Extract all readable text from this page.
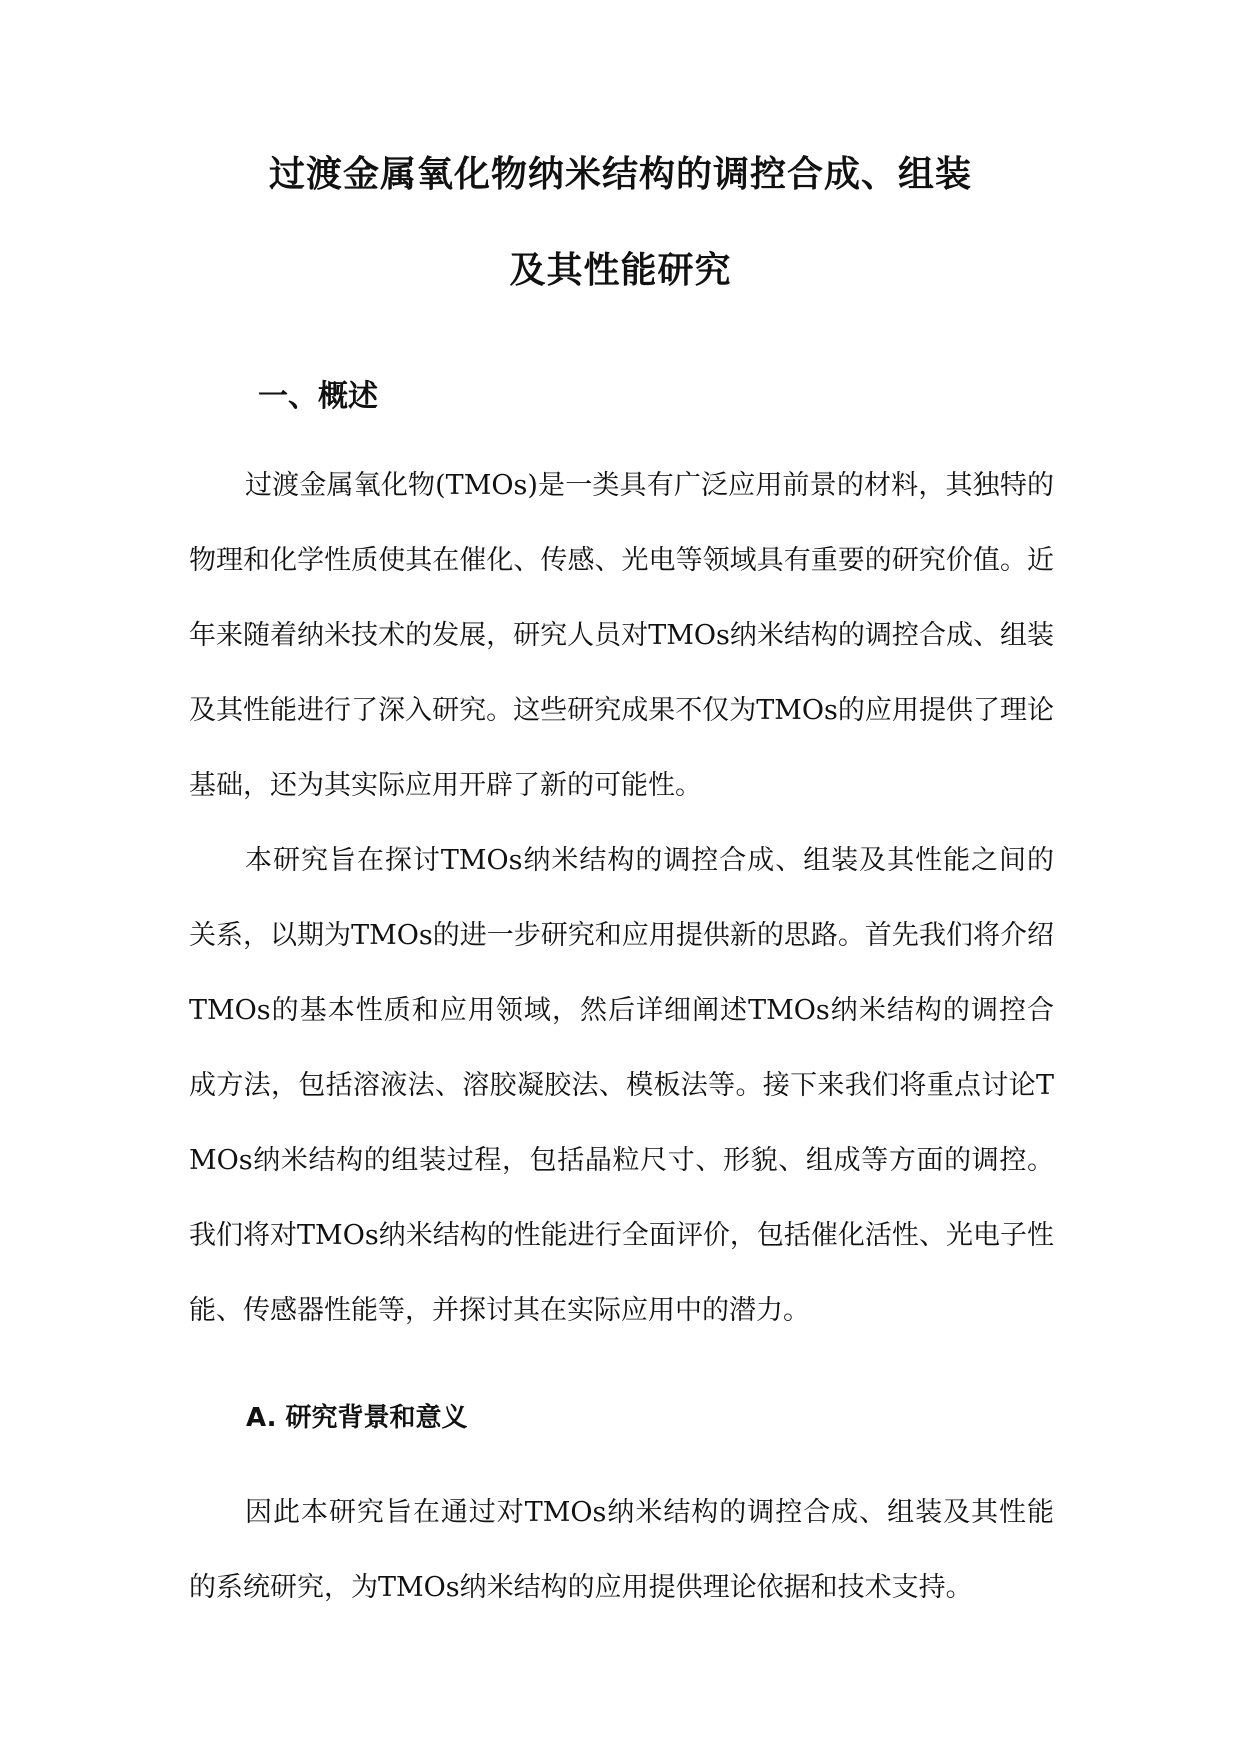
过渡金属氧化物纳米结构的调控合成、组装
及其性能研究
一、概述

过渡金属氧化物(TMOs)是一类具有广泛应用前景的材料，其独特的物理和化学性质使其在催化、传感、光电等领域具有重要的研究价值。近年来随着纳米技术的发展，研究人员对TMOs纳米结构的调控合成、组装及其性能进行了深入研究。这些研究成果不仅为TMOs的应用提供了理论基础，还为其实际应用开辟了新的可能性。

本研究旨在探讨TMOs纳米结构的调控合成、组装及其性能之间的关系，以期为TMOs的进一步研究和应用提供新的思路。首先我们将介绍TMOs的基本性质和应用领域，然后详细阐述TMOs纳米结构的调控合成方法，包括溶液法、溶胶凝胶法、模板法等。接下来我们将重点讨论TMOs纳米结构的组装过程，包括晶粒尺寸、形貌、组成等方面的调控。我们将对TMOs纳米结构的性能进行全面评价，包括催化活性、光电子性能、传感器性能等，并探讨其在实际应用中的潜力。

A. 研究背景和意义

因此本研究旨在通过对TMOs纳米结构的调控合成、组装及其性能的系统研究，为TMOs纳米结构的应用提供理论依据和技术支持。
